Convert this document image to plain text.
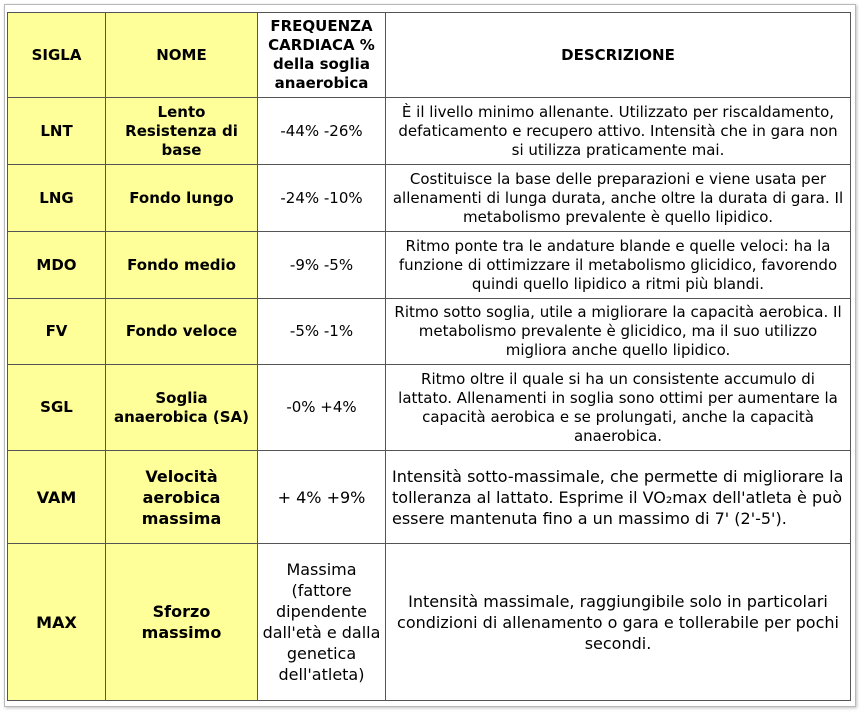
SIGLA	NOME	FREQUENZA CARDIACA % della soglia anaerobica	DESCRIZIONE
LNT	Lento Resistenza di base	-44% -26%	È il livello minimo allenante. Utilizzato per riscaldamento, defaticamento e recupero attivo. Intensità che in gara non si utilizza praticamente mai.
LNG	Fondo lungo	-24% -10%	Costituisce la base delle preparazioni e viene usata per allenamenti di lunga durata, anche oltre la durata di gara. Il metabolismo prevalente è quello lipidico.
MDO	Fondo medio	-9% -5%	Ritmo ponte tra le andature blande e quelle veloci: ha la funzione di ottimizzare il metabolismo glicidico, favorendo quindi quello lipidico a ritmi più blandi.
FV	Fondo veloce	-5% -1%	Ritmo sotto soglia, utile a migliorare la capacità aerobica. Il metabolismo prevalente è glicidico, ma il suo utilizzo migliora anche quello lipidico.
SGL	Soglia anaerobica (SA)	-0% +4%	Ritmo oltre il quale si ha un consistente accumulo di lattato. Allenamenti in soglia sono ottimi per aumentare la capacità aerobica e se prolungati, anche la capacità anaerobica.
VAM	Velocità aerobica massima	+ 4% +9%	Intensità sotto-massimale, che permette di migliorare la tolleranza al lattato. Esprime il VO₂max dell'atleta è può essere mantenuta fino a un massimo di 7' (2'-5').
MAX	Sforzo massimo	Massima (fattore dipendente dall'età e dalla genetica dell'atleta)	Intensità massimale, raggiungibile solo in particolari condizioni di allenamento o gara e tollerabile per pochi secondi.
